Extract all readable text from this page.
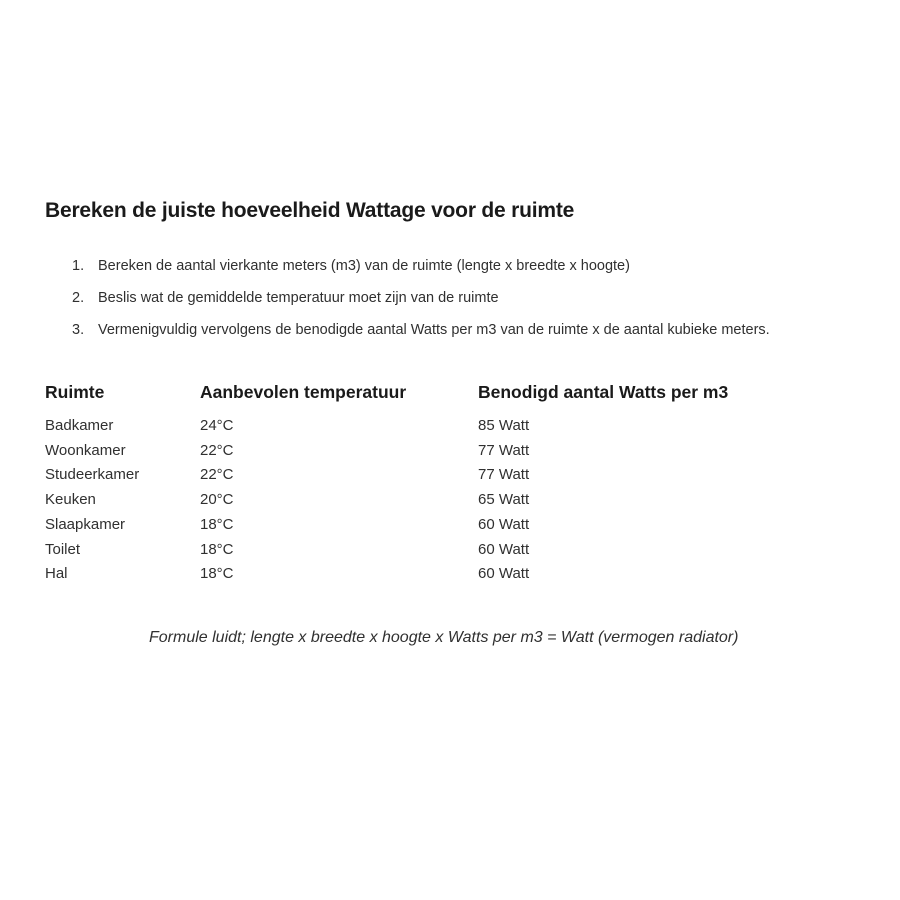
Bereken de juiste hoeveelheid Wattage voor de ruimte
1. Bereken de aantal vierkante meters (m3) van de ruimte (lengte x breedte x hoogte)
2. Beslis wat de gemiddelde temperatuur moet zijn van de ruimte
3. Vermenigvuldig vervolgens de benodigde aantal Watts per m3 van de ruimte x de aantal kubieke meters.
Ruimte	Aanbevolen temperatuur	Benodigd aantal Watts per m3
Badkamer	24°C	85 Watt
Woonkamer	22°C	77 Watt
Studeerkamer	22°C	77 Watt
Keuken	20°C	65 Watt
Slaapkamer	18°C	60 Watt
Toilet	18°C	60 Watt
Hal	18°C	60 Watt
Formule luidt; lengte x breedte x hoogte x Watts per m3 = Watt (vermogen radiator)
